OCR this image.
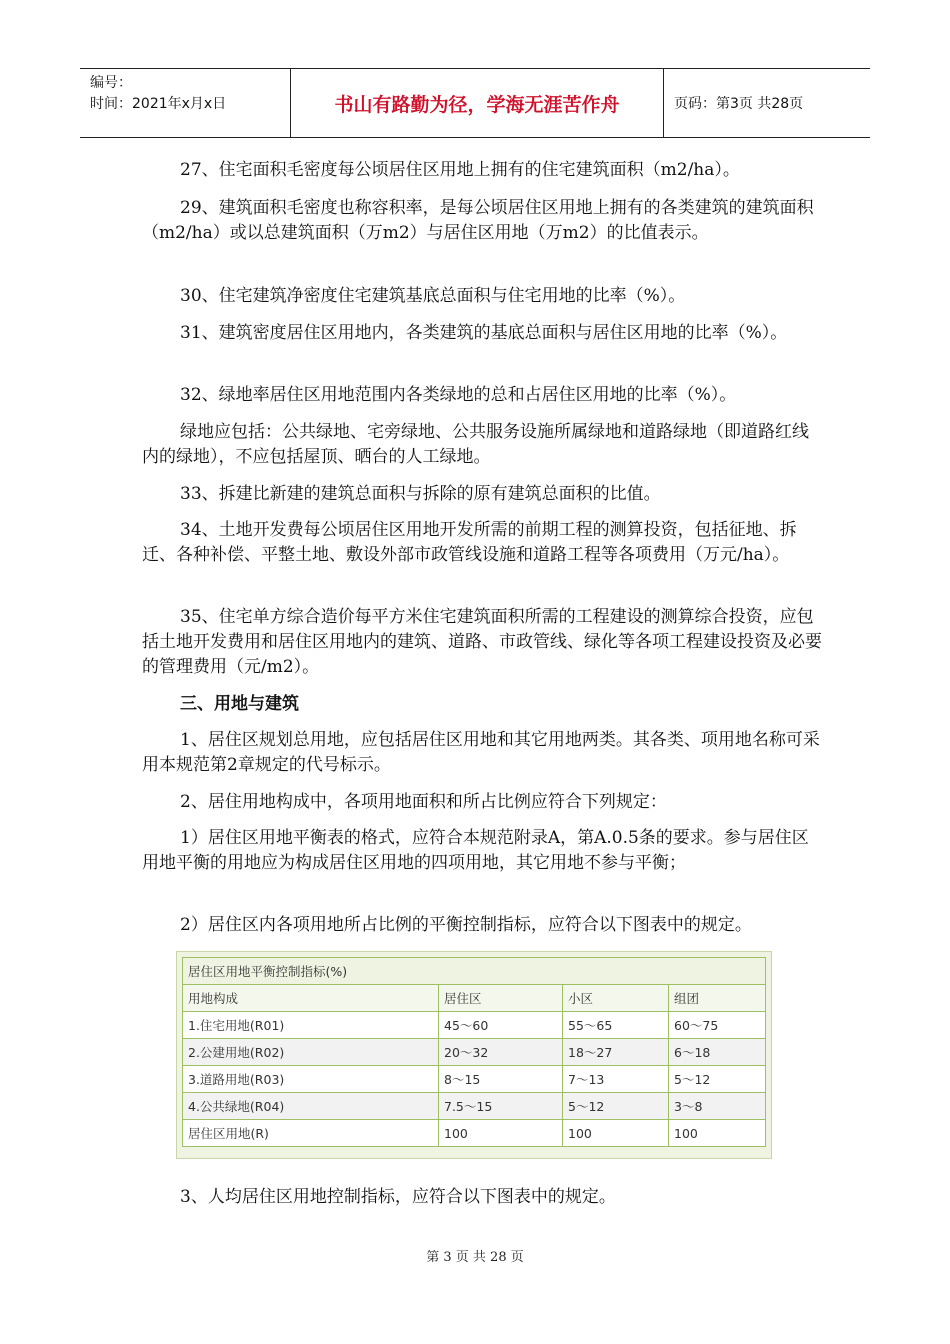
编号：
时间：2021年x月x日	书山有路勤为径，学海无涯苦作舟	页码：第3页 共28页

27、住宅面积毛密度每公顷居住区用地上拥有的住宅建筑面积（m2/ha）。

29、建筑面积毛密度也称容积率，是每公顷居住区用地上拥有的各类建筑的建筑面积（m2/ha）或以总建筑面积（万m2）与居住区用地（万m2）的比值表示。

30、住宅建筑净密度住宅建筑基底总面积与住宅用地的比率（%）。

31、建筑密度居住区用地内，各类建筑的基底总面积与居住区用地的比率（%）。

32、绿地率居住区用地范围内各类绿地的总和占居住区用地的比率（%）。

绿地应包括：公共绿地、宅旁绿地、公共服务设施所属绿地和道路绿地（即道路红线内的绿地），不应包括屋顶、晒台的人工绿地。

33、拆建比新建的建筑总面积与拆除的原有建筑总面积的比值。

34、土地开发费每公顷居住区用地开发所需的前期工程的测算投资，包括征地、拆迁、各种补偿、平整土地、敷设外部市政管线设施和道路工程等各项费用（万元/ha）。

35、住宅单方综合造价每平方米住宅建筑面积所需的工程建设的测算综合投资，应包括土地开发费用和居住区用地内的建筑、道路、市政管线、绿化等各项工程建设投资及必要的管理费用（元/m2）。

三、用地与建筑

1、居住区规划总用地，应包括居住区用地和其它用地两类。其各类、项用地名称可采用本规范第2章规定的代号标示。

2、居住用地构成中，各项用地面积和所占比例应符合下列规定：

1）居住区用地平衡表的格式，应符合本规范附录A，第A.0.5条的要求。参与居住区用地平衡的用地应为构成居住区用地的四项用地，其它用地不参与平衡；

2）居住区内各项用地所占比例的平衡控制指标，应符合以下图表中的规定。

居住区用地平衡控制指标(%)			
用地构成	居住区	小区	组团
1.住宅用地(R01)	45～60	55～65	60～75
2.公建用地(R02)	20～32	18～27	6～18
3.道路用地(R03)	8～15	7～13	5～12
4.公共绿地(R04)	7.5～15	5～12	3～8
居住区用地(R)	100	100	100

3、人均居住区用地控制指标，应符合以下图表中的规定。

第 3 页 共 28 页
